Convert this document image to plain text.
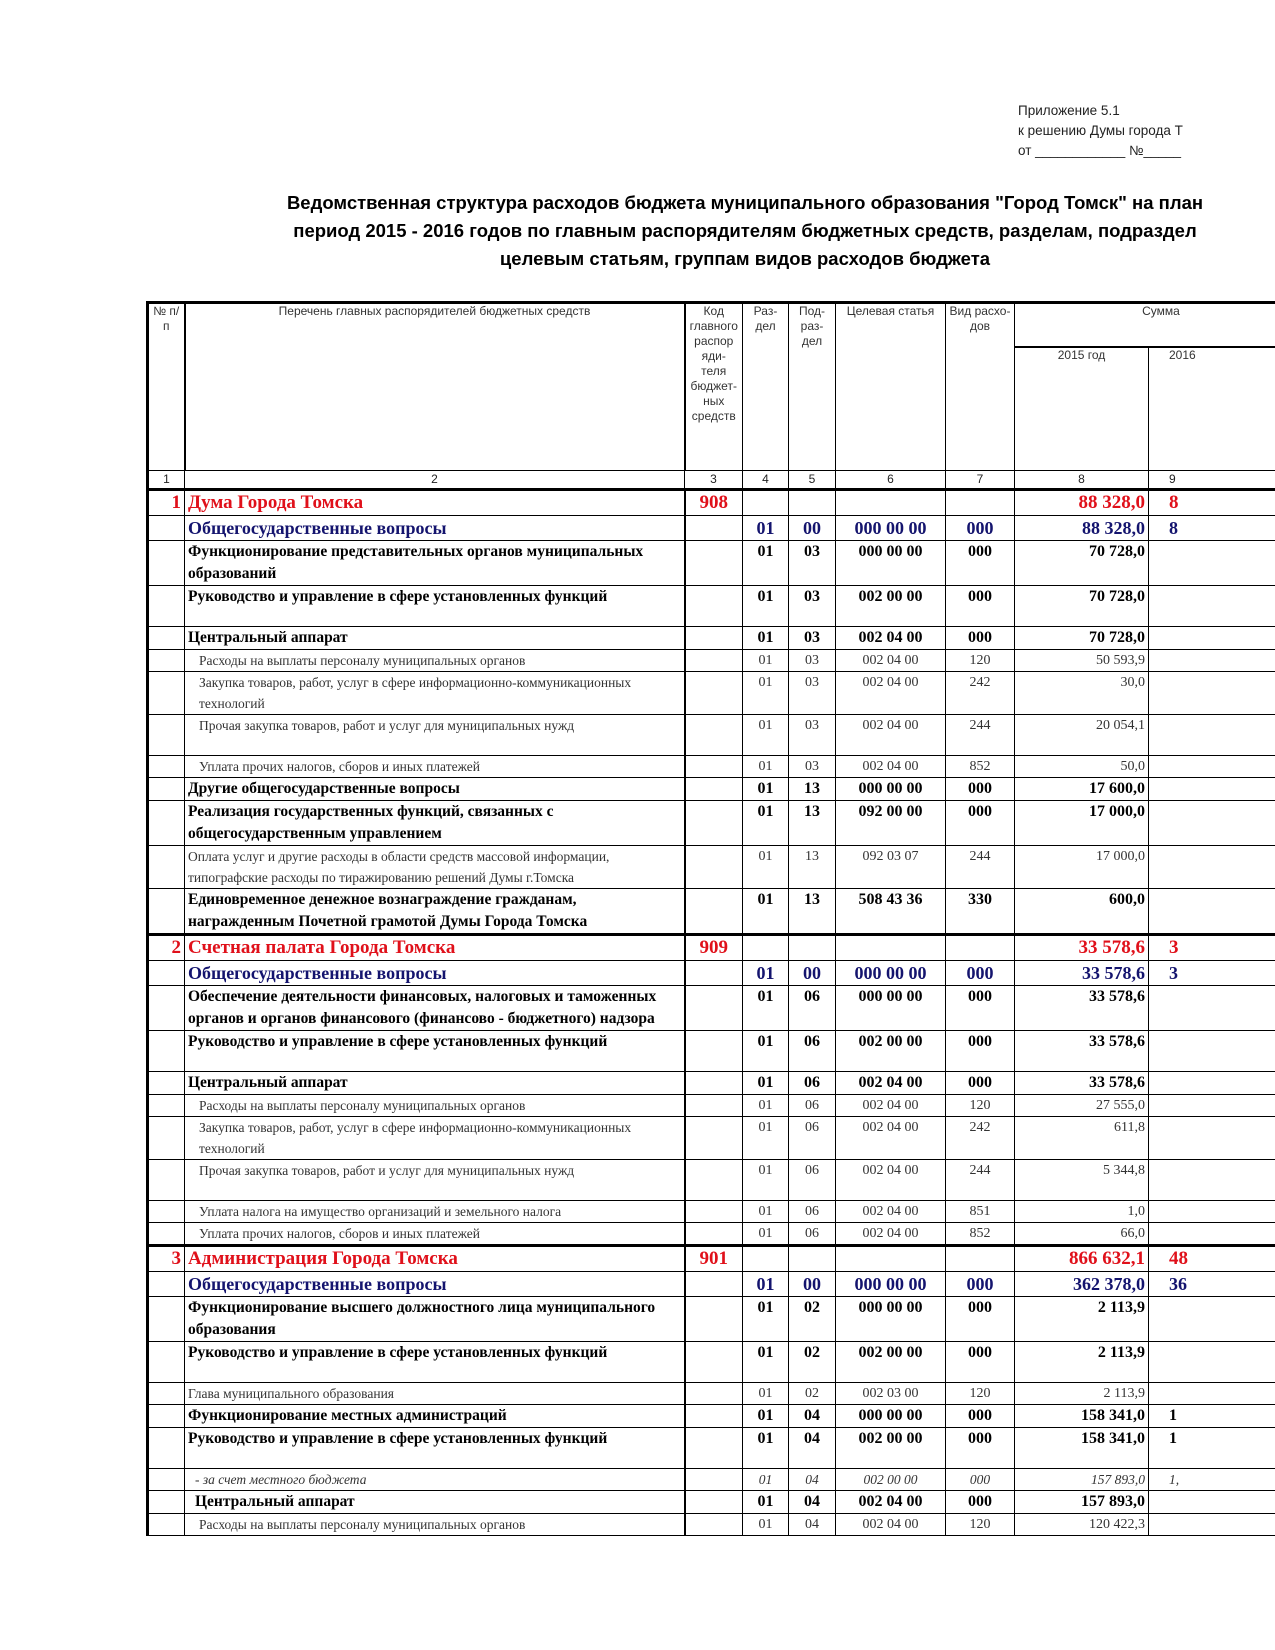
Приложение 5.1
к решению Думы города Т
от ____________ №_____
Ведомственная структура расходов бюджета муниципального образования "Город Томск" на план
период 2015 - 2016 годов по главным распорядителям бюджетных средств, разделам, подраздел
целевым статьям, группам видов расходов бюджета
№ п/п	Перечень главных распорядителей бюджетных средств	Код главного распор яди- теля бюджет- ных средств	Раз- дел	Под- раз- дел	Целевая статья	Вид расхо- дов	Сумма	
							2015 год	2016
1	2	3	4	5	6	7	8	9
1	Дума Города Томска	908					88 328,0	8
	Общегосударственные вопросы		01	00	000 00 00	000	88 328,0	8
	Функционирование представительных органов муниципальных образований		01	03	000 00 00	000	70 728,0	
	Руководство и управление в сфере установленных функций		01	03	002 00 00	000	70 728,0	
	Центральный аппарат		01	03	002 04 00	000	70 728,0	
	Расходы на выплаты персоналу муниципальных органов		01	03	002 04 00	120	50 593,9	
	Закупка товаров, работ, услуг в сфере информационно-коммуникационных технологий		01	03	002 04 00	242	30,0	
	Прочая закупка товаров, работ и услуг для муниципальных нужд		01	03	002 04 00	244	20 054,1	
	Уплата прочих налогов, сборов и иных платежей		01	03	002 04 00	852	50,0	
	Другие общегосударственные вопросы		01	13	000 00 00	000	17 600,0	
	Реализация государственных функций, связанных с общегосударственным управлением		01	13	092 00 00	000	17 000,0	
	Оплата услуг и другие расходы в области средств массовой информации, типографские расходы по тиражированию решений Думы г.Томска		01	13	092 03 07	244	17 000,0	
	Единовременное денежное вознаграждение гражданам, награжденным Почетной грамотой Думы Города Томска		01	13	508 43 36	330	600,0	
2	Счетная палата Города Томска	909					33 578,6	3
	Общегосударственные вопросы		01	00	000 00 00	000	33 578,6	3
	Обеспечение деятельности финансовых, налоговых и таможенных органов и органов финансового (финансово - бюджетного) надзора		01	06	000 00 00	000	33 578,6	
	Руководство и управление в сфере установленных функций		01	06	002 00 00	000	33 578,6	
	Центральный аппарат		01	06	002 04 00	000	33 578,6	
	Расходы на выплаты персоналу муниципальных органов		01	06	002 04 00	120	27 555,0	
	Закупка товаров, работ, услуг в сфере информационно-коммуникационных технологий		01	06	002 04 00	242	611,8	
	Прочая закупка товаров, работ и услуг для муниципальных нужд		01	06	002 04 00	244	5 344,8	
	Уплата налога на имущество организаций и земельного налога		01	06	002 04 00	851	1,0	
	Уплата прочих налогов, сборов и иных платежей		01	06	002 04 00	852	66,0	
3	Администрация Города Томска	901					866 632,1	48
	Общегосударственные вопросы		01	00	000 00 00	000	362 378,0	36
	Функционирование высшего должностного лица муниципального образования		01	02	000 00 00	000	2 113,9	
	Руководство и управление в сфере установленных функций		01	02	002 00 00	000	2 113,9	
	Глава муниципального образования		01	02	002 03 00	120	2 113,9	
	Функционирование местных администраций		01	04	000 00 00	000	158 341,0	1
	Руководство и управление в сфере установленных функций		01	04	002 00 00	000	158 341,0	1
	- за счет местного бюджета		01	04	002 00 00	000	157 893,0	1,
	Центральный аппарат		01	04	002 04 00	000	157 893,0	
	Расходы на выплаты персоналу муниципальных органов		01	04	002 04 00	120	120 422,3	
